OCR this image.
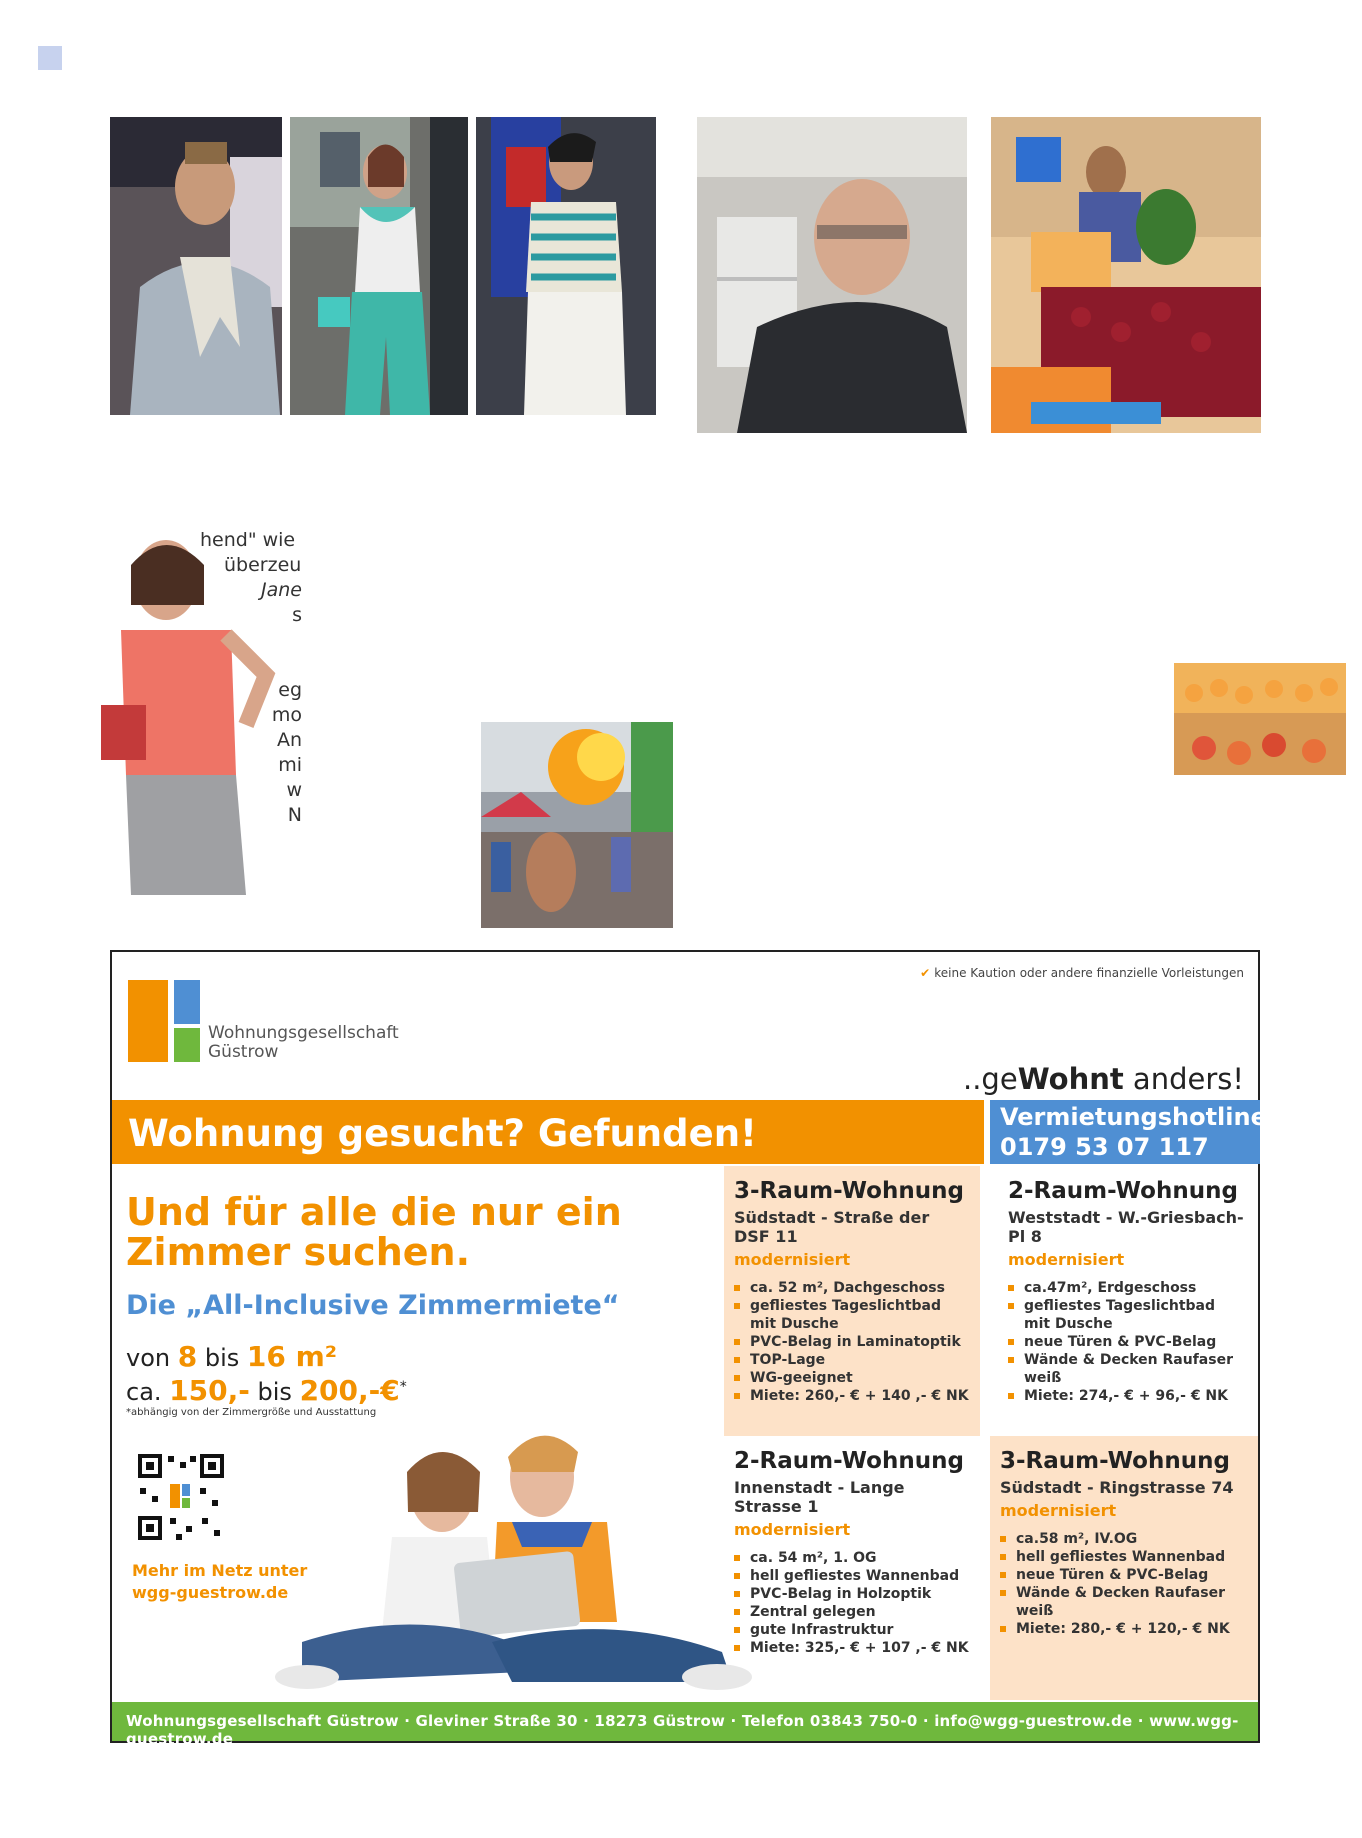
hend" wie
überzeu
Jane
s
eg
mo
An
mi
w
N
Wohnungsgesellschaft
Güstrow
✔ keine Kaution oder andere finanzielle Vorleistungen
..geWohnt anders!
Wohnung gesucht? Gefunden!	Vermietungshotline
0179 53 07 117
Und für alle die nur ein
Zimmer suchen.
Die „All-Inclusive Zimmermiete“
von 8 bis 16 m²
ca. 150,- bis 200,-€*
*abhängig von der Zimmergröße und Ausstattung
Mehr im Netz unter
wgg-guestrow.de
3-Raum-Wohnung
Südstadt - Straße der DSF 11
modernisiert
ca. 52 m², Dachgeschoss
gefliestes Tageslichtbad mit Dusche
PVC-Belag in Laminatoptik
TOP-Lage
WG-geeignet
Miete: 260,- € + 140 ,- € NK
2-Raum-Wohnung
Weststadt - W.-Griesbach-Pl 8
modernisiert
ca.47m², Erdgeschoss
gefliestes Tageslichtbad mit Dusche
neue Türen & PVC-Belag
Wände & Decken Raufaser weiß
Miete: 274,- € + 96,- € NK
2-Raum-Wohnung
Innenstadt - Lange Strasse 1
modernisiert
ca. 54 m², 1. OG
hell gefliestes Wannenbad
PVC-Belag in Holzoptik
Zentral gelegen
gute Infrastruktur
Miete: 325,- € + 107 ,- € NK
3-Raum-Wohnung
Südstadt - Ringstrasse 74
modernisiert
ca.58 m², IV.OG
hell gefliestes Wannenbad
neue Türen & PVC-Belag
Wände & Decken Raufaser weiß
Miete: 280,- € + 120,- € NK
Wohnungsgesellschaft Güstrow · Gleviner Straße 30 · 18273 Güstrow · Telefon 03843 750-0 · info@wgg-guestrow.de · www.wgg-guestrow.de
